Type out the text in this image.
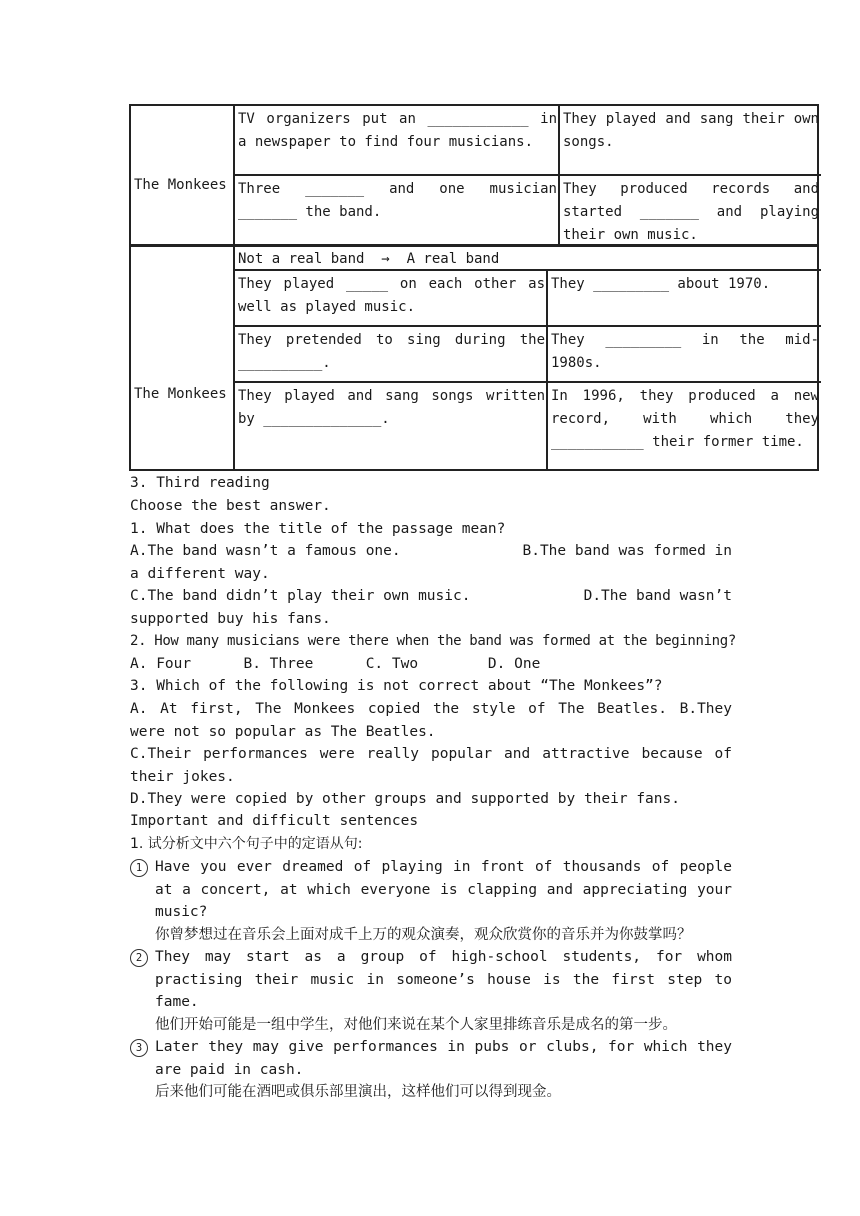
The Monkees
TV organizers put an ____________ in a newspaper to find four musicians.
They played and sang their own songs.
Three _______ and one musician _______ the band.
They produced records and started _______ and playing their own music.
The Monkees
Not a real band  →  A real band
They played _____ on each other as well as played music.
They _________ about 1970.
They pretended to sing during the __________.
They _________ in the mid-1980s.
They played and sang songs written by ______________.
In 1996, they produced a new record, with which they ___________ their former time.
3. Third reading
Choose the best answer.
1. What does the title of the passage mean?
A.The band wasn’t a famous one.	B.The band was formed in
a different way.
C.The band didn’t play their own music.	D.The band wasn’t
supported buy his fans.
2. How many musicians were there when the band was formed at the beginning?
A. Four      B. Three      C. Two        D. One
3. Which of the following is not correct about “The Monkees”?
A. At first, The Monkees copied the style of The Beatles. B.They were not so popular as The Beatles.
C.Their performances were really popular and attractive because of their jokes.
D.They were copied by other groups and supported by their fans.
Important and difficult sentences
1. 试分析文中六个句子中的定语从句:
1 Have you ever dreamed of playing in front of thousands of people at a concert, at which everyone is clapping and appreciating your music?
你曾梦想过在音乐会上面对成千上万的观众演奏，观众欣赏你的音乐并为你鼓掌吗？
2 They may start as a group of high-school students, for whom practising their music in someone’s house is the first step to fame.
他们开始可能是一组中学生，对他们来说在某个人家里排练音乐是成名的第一步。
3 Later they may give performances in pubs or clubs, for which they are paid in cash.
后来他们可能在酒吧或俱乐部里演出，这样他们可以得到现金。
